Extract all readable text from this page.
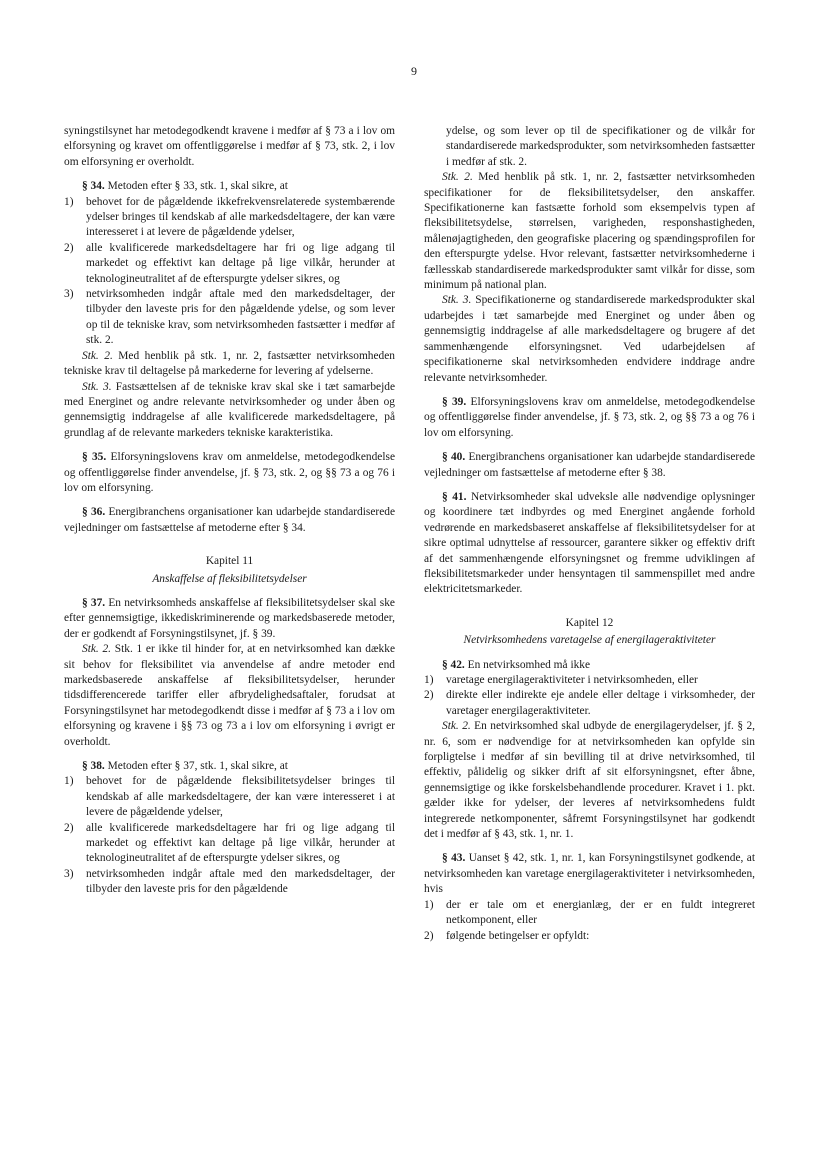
9

syningstilsynet har metodegodkendt kravene i medfør af § 73 a i lov om elforsyning og kravet om offentliggørelse i medfør af § 73, stk. 2, i lov om elforsyning er overholdt.

§ 34. Metoden efter § 33, stk. 1, skal sikre, at

1)	behovet for de pågældende ikkefrekvensrelaterede systembærende ydelser bringes til kendskab af alle markedsdeltagere, der kan være interesseret i at levere de pågældende ydelser,
2)	alle kvalificerede markedsdeltagere har fri og lige adgang til markedet og effektivt kan deltage på lige vilkår, herunder at teknologineutralitet af de efterspurgte ydelser sikres, og
3)	netvirksomheden indgår aftale med den markedsdeltager, der tilbyder den laveste pris for den pågældende ydelse, og som lever op til de tekniske krav, som netvirksomheden fastsætter i medfør af stk. 2.

Stk. 2. Med henblik på stk. 1, nr. 2, fastsætter netvirksomheden tekniske krav til deltagelse på markederne for levering af ydelserne.

Stk. 3. Fastsættelsen af de tekniske krav skal ske i tæt samarbejde med Energinet og andre relevante netvirksomheder og under åben og gennemsigtig inddragelse af alle kvalificerede markedsdeltagere, på grundlag af de relevante markeders tekniske karakteristika.

§ 35. Elforsyningslovens krav om anmeldelse, metodegodkendelse og offentliggørelse finder anvendelse, jf. § 73, stk. 2, og §§ 73 a og 76 i lov om elforsyning.

§ 36. Energibranchens organisationer kan udarbejde standardiserede vejledninger om fastsættelse af metoderne efter § 34.

Kapitel 11

Anskaffelse af fleksibilitetsydelser

§ 37. En netvirksomheds anskaffelse af fleksibilitetsydelser skal ske efter gennemsigtige, ikkediskriminerende og markedsbaserede metoder, der er godkendt af Forsyningstilsynet, jf. § 39.

Stk. 2. Stk. 1 er ikke til hinder for, at en netvirksomhed kan dække sit behov for fleksibilitet via anvendelse af andre metoder end markedsbaserede anskaffelse af fleksibilitetsydelser, herunder tidsdifferencerede tariffer eller afbrydelighedsaftaler, forudsat at Forsyningstilsynet har metodegodkendt disse i medfør af § 73 a i lov om elforsyning og kravene i §§ 73 og 73 a i lov om elforsyning i øvrigt er overholdt.

§ 38. Metoden efter § 37, stk. 1, skal sikre, at

1)	behovet for de pågældende fleksibilitetsydelser bringes til kendskab af alle markedsdeltagere, der kan være interesseret i at levere de pågældende ydelser,
2)	alle kvalificerede markedsdeltagere har fri og lige adgang til markedet og effektivt kan deltage på lige vilkår, herunder at teknologineutralitet af de efterspurgte ydelser sikres, og
3)	netvirksomheden indgår aftale med den markedsdeltager, der tilbyder den laveste pris for den pågældende

ydelse, og som lever op til de specifikationer og de vilkår for standardiserede markedsprodukter, som netvirksomheden fastsætter i medfør af stk. 2.

Stk. 2. Med henblik på stk. 1, nr. 2, fastsætter netvirksomheden specifikationer for de fleksibilitetsydelser, den anskaffer. Specifikationerne kan fastsætte forhold som eksempelvis typen af fleksibilitetsydelse, størrelsen, varigheden, responshastigheden, målenøjagtigheden, den geografiske placering og spændingsprofilen for den efterspurgte ydelse. Hvor relevant, fastsætter netvirksomhederne i fællesskab standardiserede markedsprodukter samt vilkår for disse, som minimum på national plan.

Stk. 3. Specifikationerne og standardiserede markedsprodukter skal udarbejdes i tæt samarbejde med Energinet og under åben og gennemsigtig inddragelse af alle markedsdeltagere og brugere af det sammenhængende elforsyningsnet. Ved udarbejdelsen af specifikationerne skal netvirksomheden endvidere inddrage andre relevante netvirksomheder.

§ 39. Elforsyningslovens krav om anmeldelse, metodegodkendelse og offentliggørelse finder anvendelse, jf. § 73, stk. 2, og §§ 73 a og 76 i lov om elforsyning.

§ 40. Energibranchens organisationer kan udarbejde standardiserede vejledninger om fastsættelse af metoderne efter § 38.

§ 41. Netvirksomheder skal udveksle alle nødvendige oplysninger og koordinere tæt indbyrdes og med Energinet angående forhold vedrørende en markedsbaseret anskaffelse af fleksibilitetsydelser for at sikre optimal udnyttelse af ressourcer, garantere sikker og effektiv drift af det sammenhængende elforsyningsnet og fremme udviklingen af fleksibilitetsmarkeder under hensyntagen til sammenspillet med andre elektricitetsmarkeder.

Kapitel 12

Netvirksomhedens varetagelse af energilageraktiviteter

§ 42. En netvirksomhed må ikke

1)	varetage energilageraktiviteter i netvirksomheden, eller
2)	direkte eller indirekte eje andele eller deltage i virksomheder, der varetager energilageraktiviteter.

Stk. 2. En netvirksomhed skal udbyde de energilagerydelser, jf. § 2, nr. 6, som er nødvendige for at netvirksomheden kan opfylde sin forpligtelse i medfør af sin bevilling til at drive netvirksomhed, til effektiv, pålidelig og sikker drift af sit elforsyningsnet, efter åbne, gennemsigtige og ikke forskelsbehandlende procedurer. Kravet i 1. pkt. gælder ikke for ydelser, der leveres af netvirksomhedens fuldt integrerede netkomponenter, såfremt Forsyningstilsynet har godkendt det i medfør af § 43, stk. 1, nr. 1.

§ 43. Uanset § 42, stk. 1, nr. 1, kan Forsyningstilsynet godkende, at netvirksomheden kan varetage energilageraktiviteter i netvirksomheden, hvis

1)	der er tale om et energianlæg, der er en fuldt integreret netkomponent, eller
2)	følgende betingelser er opfyldt:
